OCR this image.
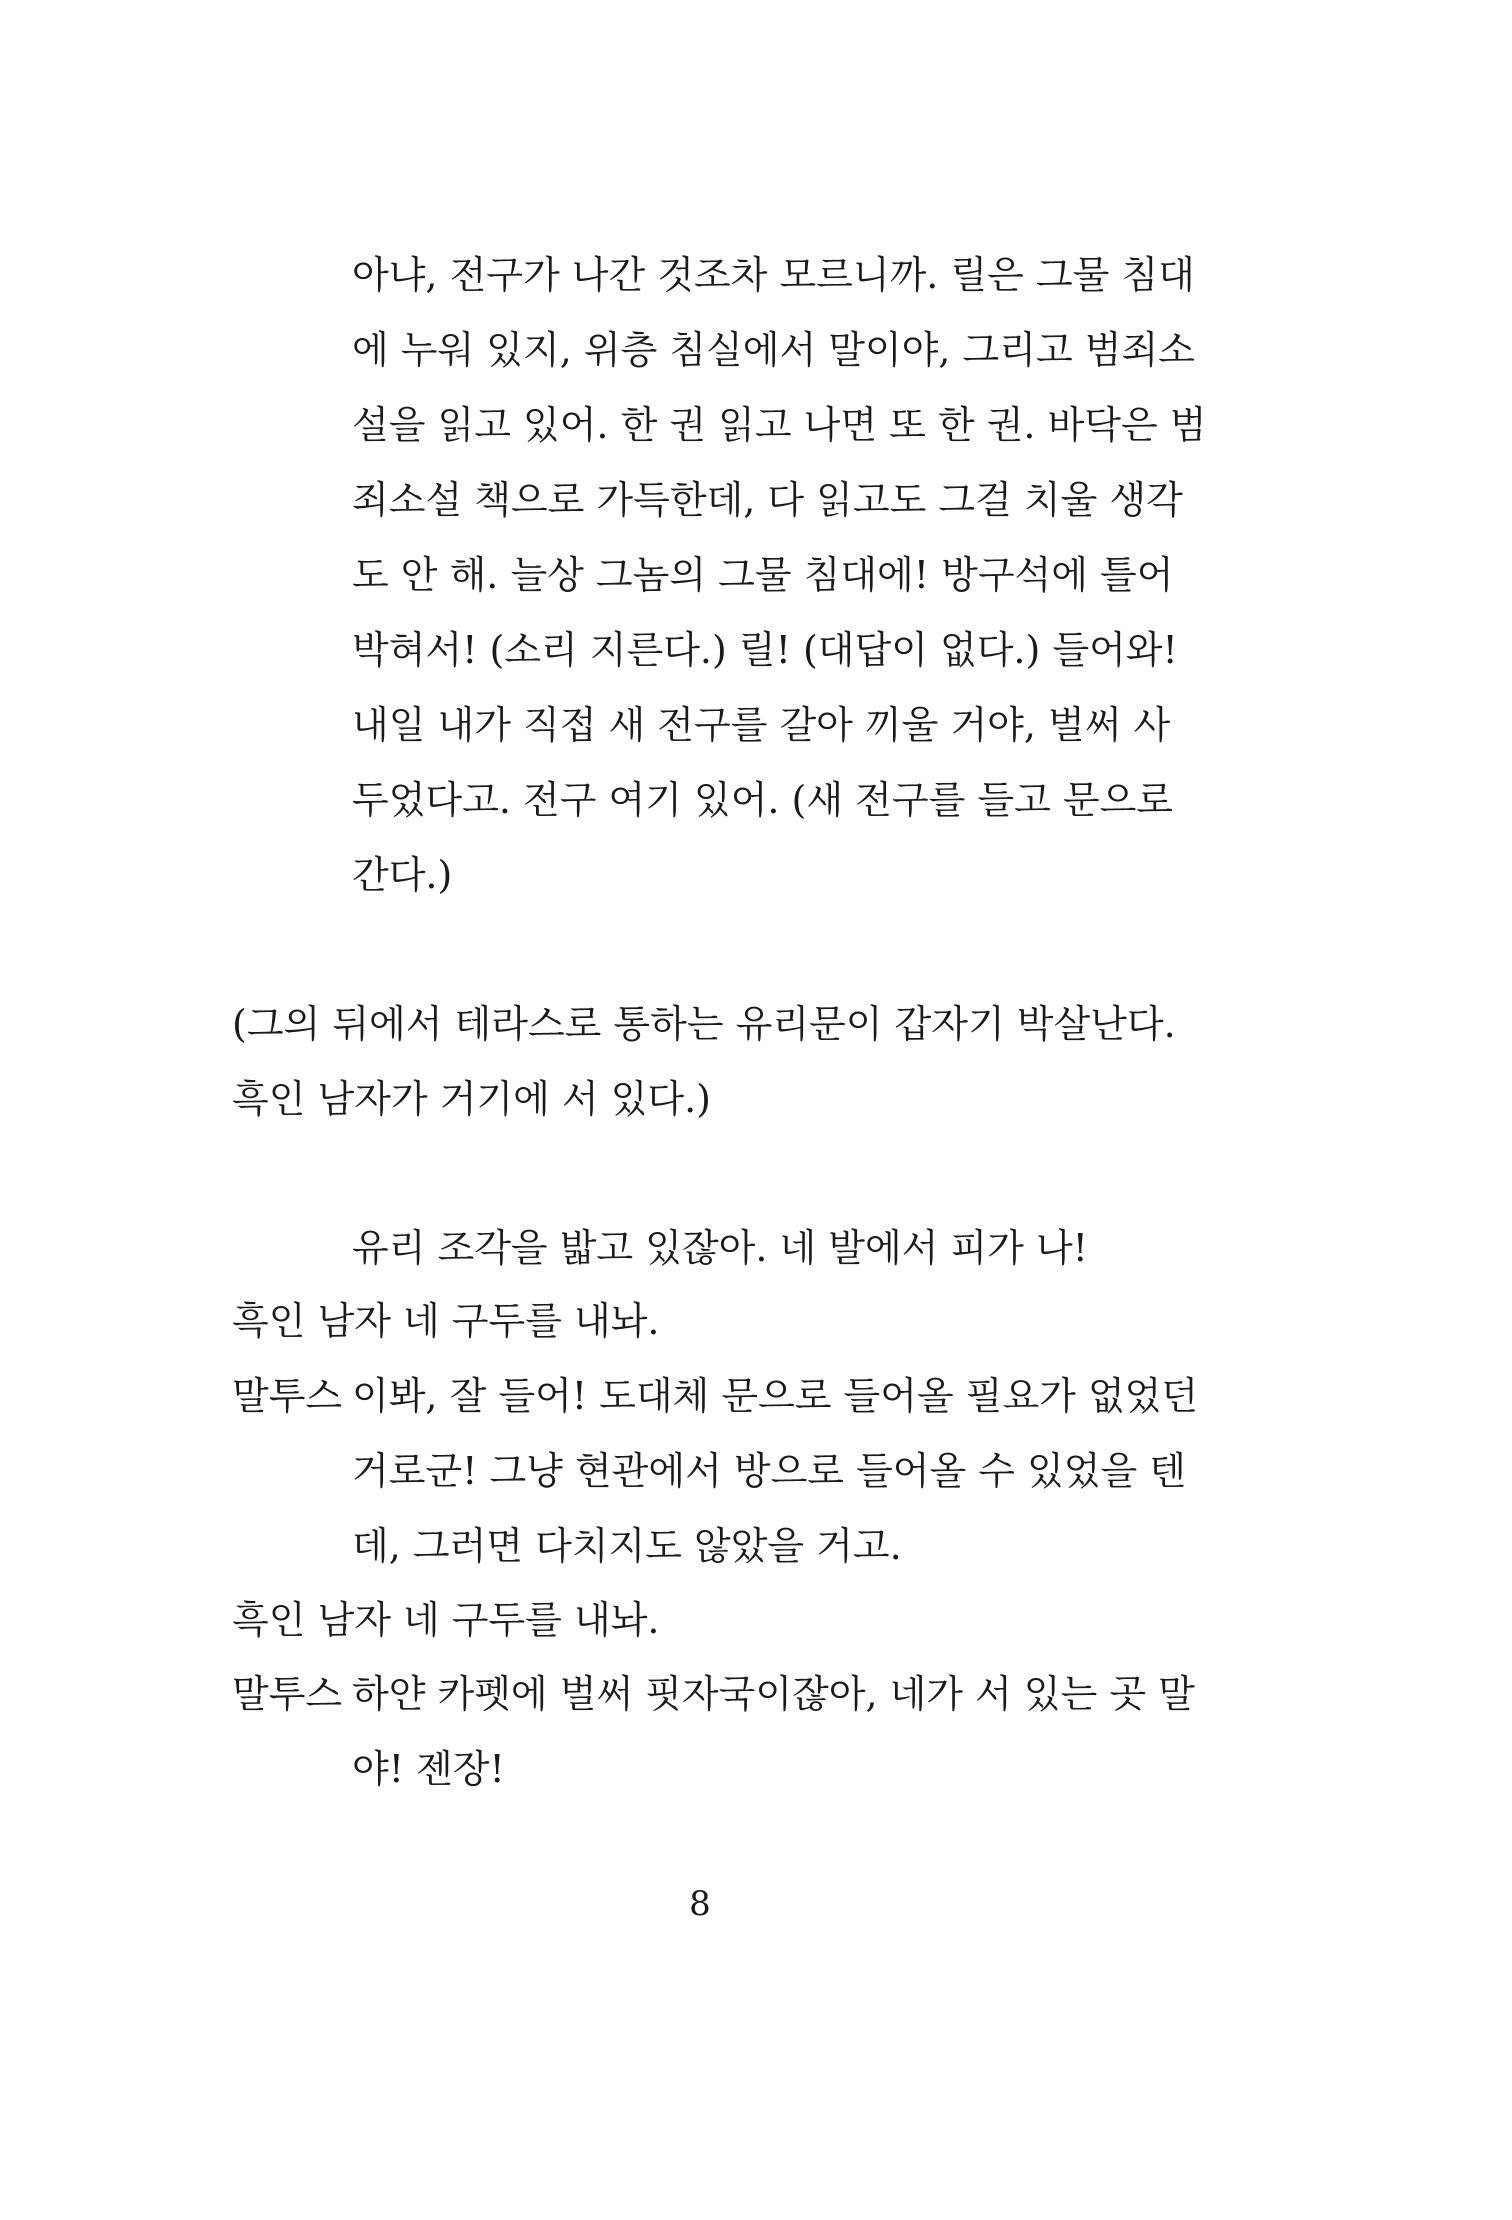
아냐, 전구가 나간 것조차 모르니까. 릴은 그물 침대
에 누워 있지, 위층 침실에서 말이야, 그리고 범죄소
설을 읽고 있어. 한 권 읽고 나면 또 한 권. 바닥은 범
죄소설 책으로 가득한데, 다 읽고도 그걸 치울 생각
도 안 해. 늘상 그놈의 그물 침대에! 방구석에 틀어
박혀서! (소리 지른다.) 릴! (대답이 없다.) 들어와!
내일 내가 직접 새 전구를 갈아 끼울 거야, 벌써 사
두었다고. 전구 여기 있어. (새 전구를 들고 문으로
간다.)
(그의 뒤에서 테라스로 통하는 유리문이 갑자기 박살난다.
흑인 남자가 거기에 서 있다.)
유리 조각을 밟고 있잖아. 네 발에서 피가 나!
흑인 남자 네 구두를 내놔.
말투스 이봐, 잘 들어! 도대체 문으로 들어올 필요가 없었던
거로군! 그냥 현관에서 방으로 들어올 수 있었을 텐
데, 그러면 다치지도 않았을 거고.
흑인 남자 네 구두를 내놔.
말투스 하얀 카펫에 벌써 핏자국이잖아, 네가 서 있는 곳 말
야! 젠장!
8
